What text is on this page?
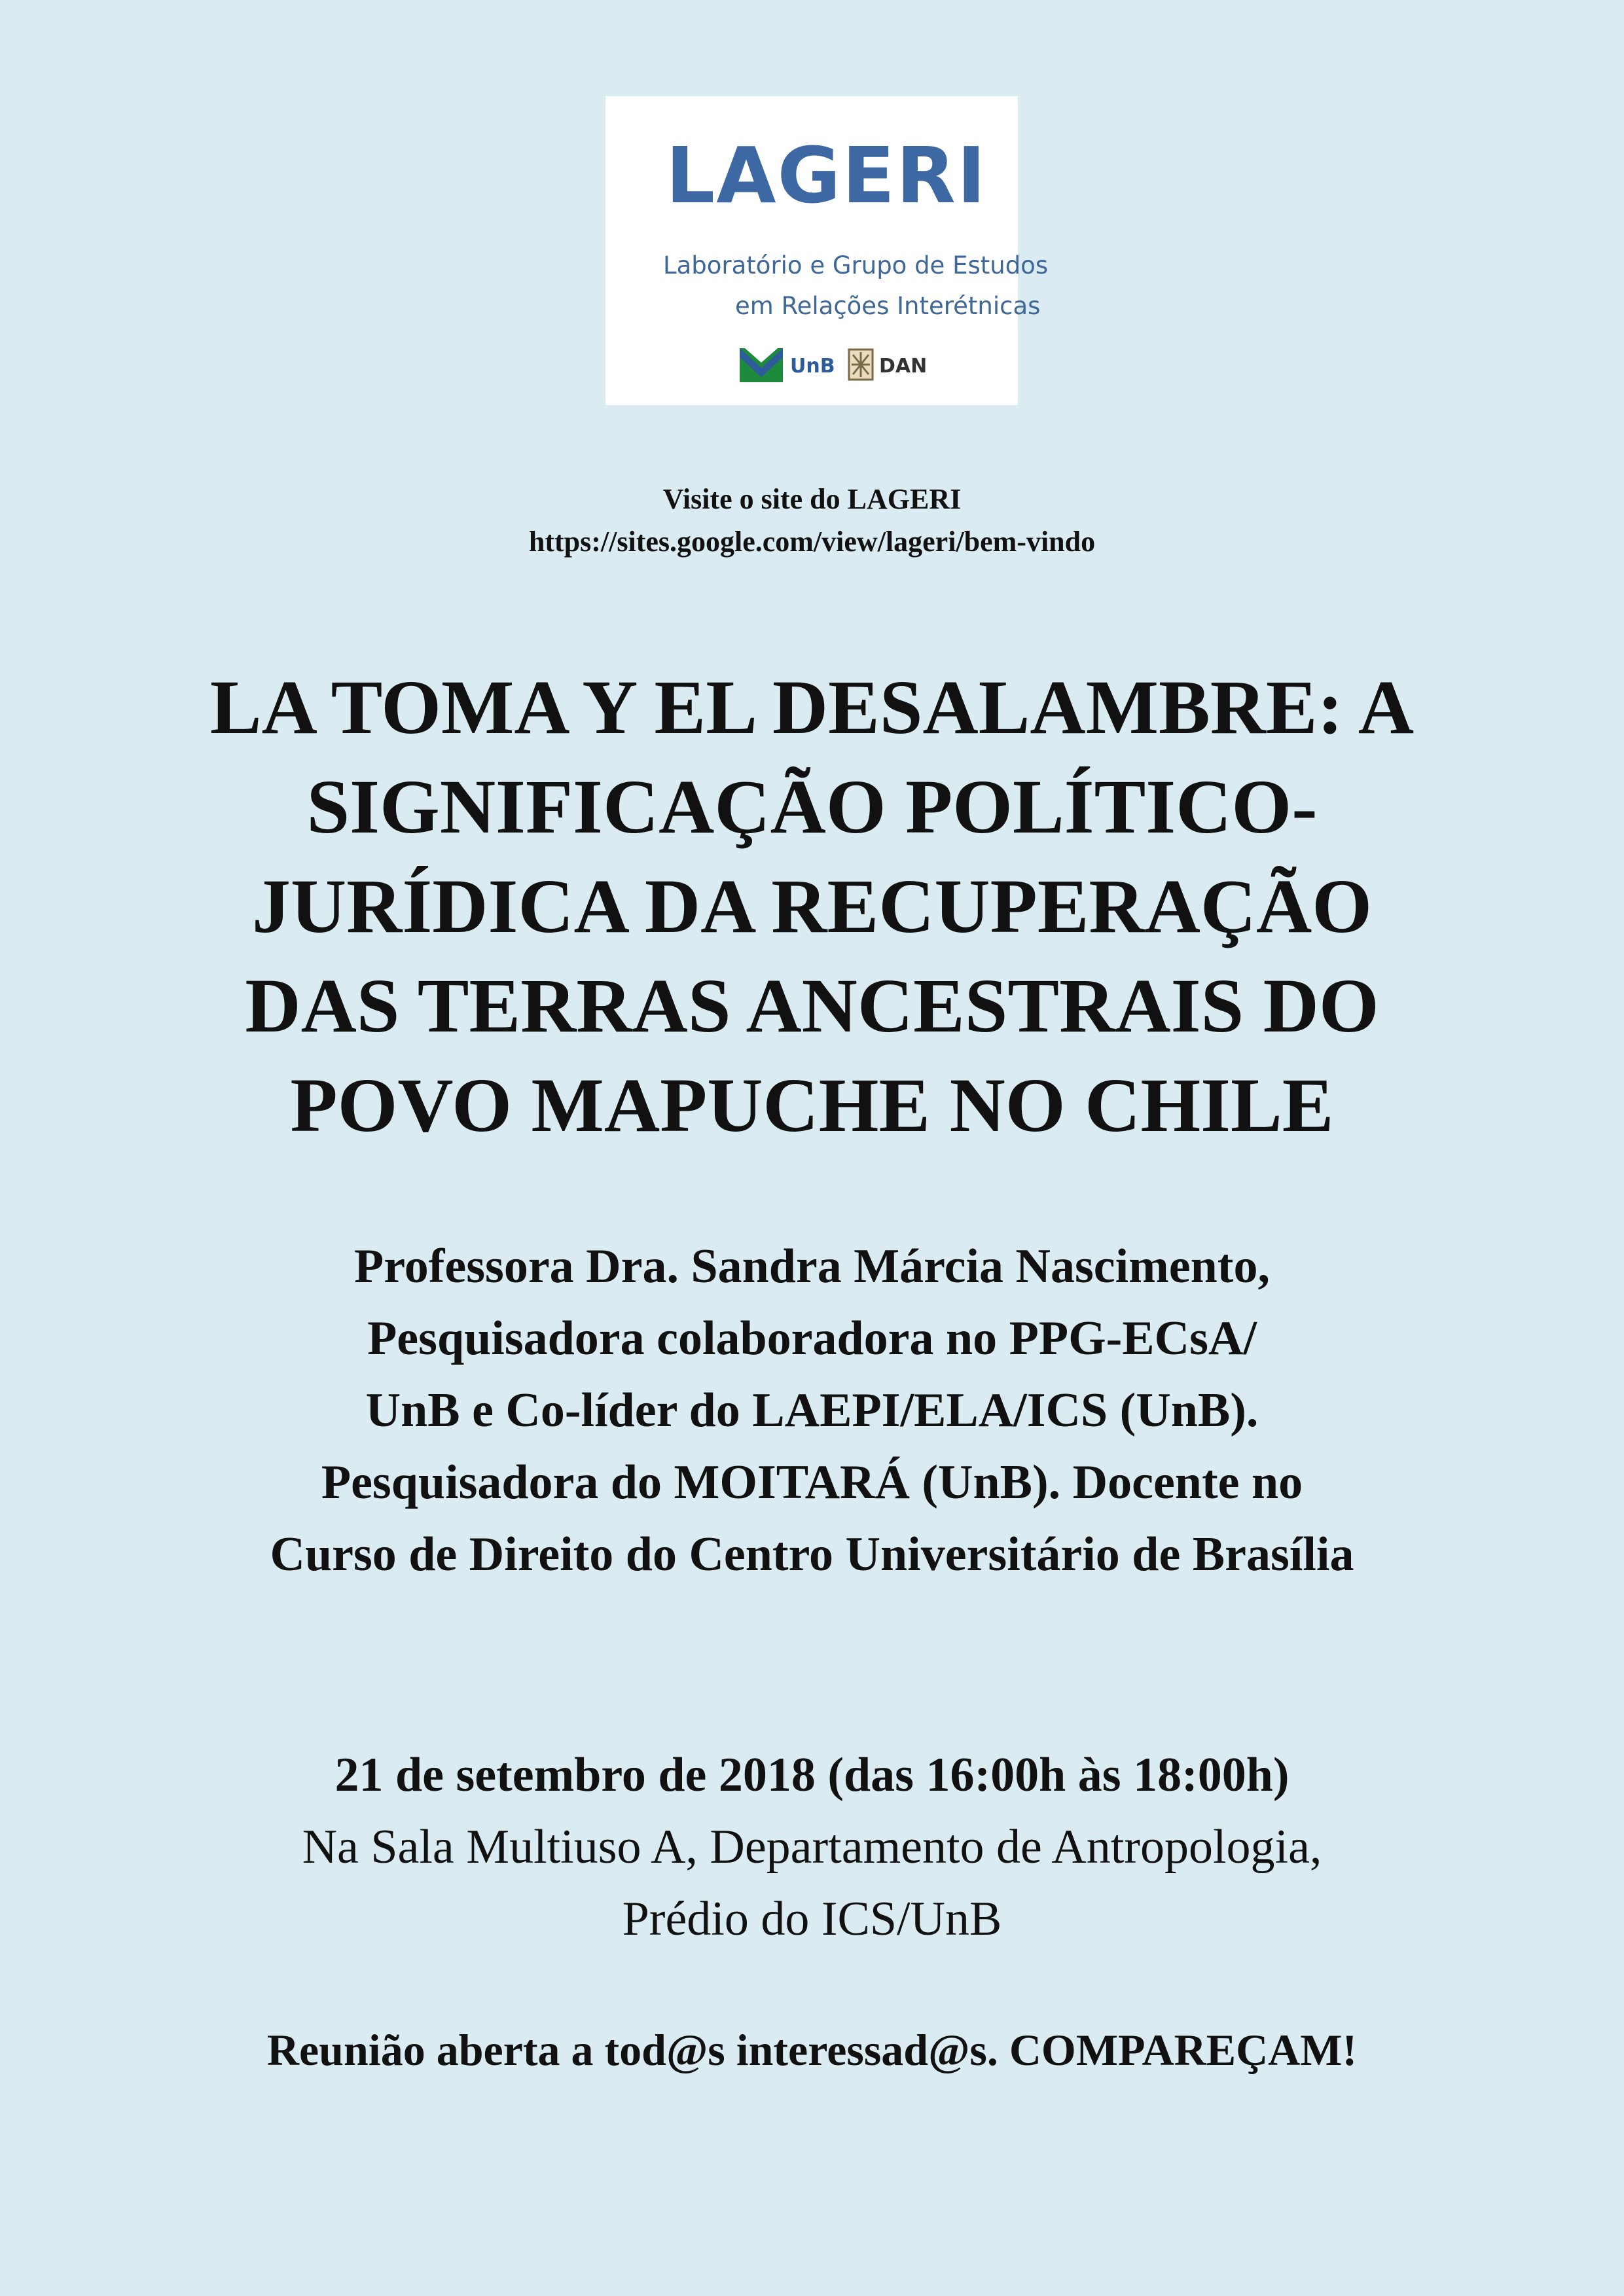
LAGERI
Laboratório e Grupo de Estudos
em Relações Interétnicas
UnB DAN
Visite o site do LAGERI
https://sites.google.com/view/lageri/bem-vindo
LA TOMA Y EL DESALAMBRE: A
SIGNIFICAÇÃO POLÍTICO-
JURÍDICA DA RECUPERAÇÃO
DAS TERRAS ANCESTRAIS DO
POVO MAPUCHE NO CHILE
Professora Dra. Sandra Márcia Nascimento,
Pesquisadora colaboradora no PPG-ECsA/
UnB e Co-líder do LAEPI/ELA/ICS (UnB).
Pesquisadora do MOITARÁ (UnB). Docente no
Curso de Direito do Centro Universitário de Brasília
21 de setembro de 2018 (das 16:00h às 18:00h)
Na Sala Multiuso A, Departamento de Antropologia,
Prédio do ICS/UnB
Reunião aberta a tod@s interessad@s. COMPAREÇAM!
